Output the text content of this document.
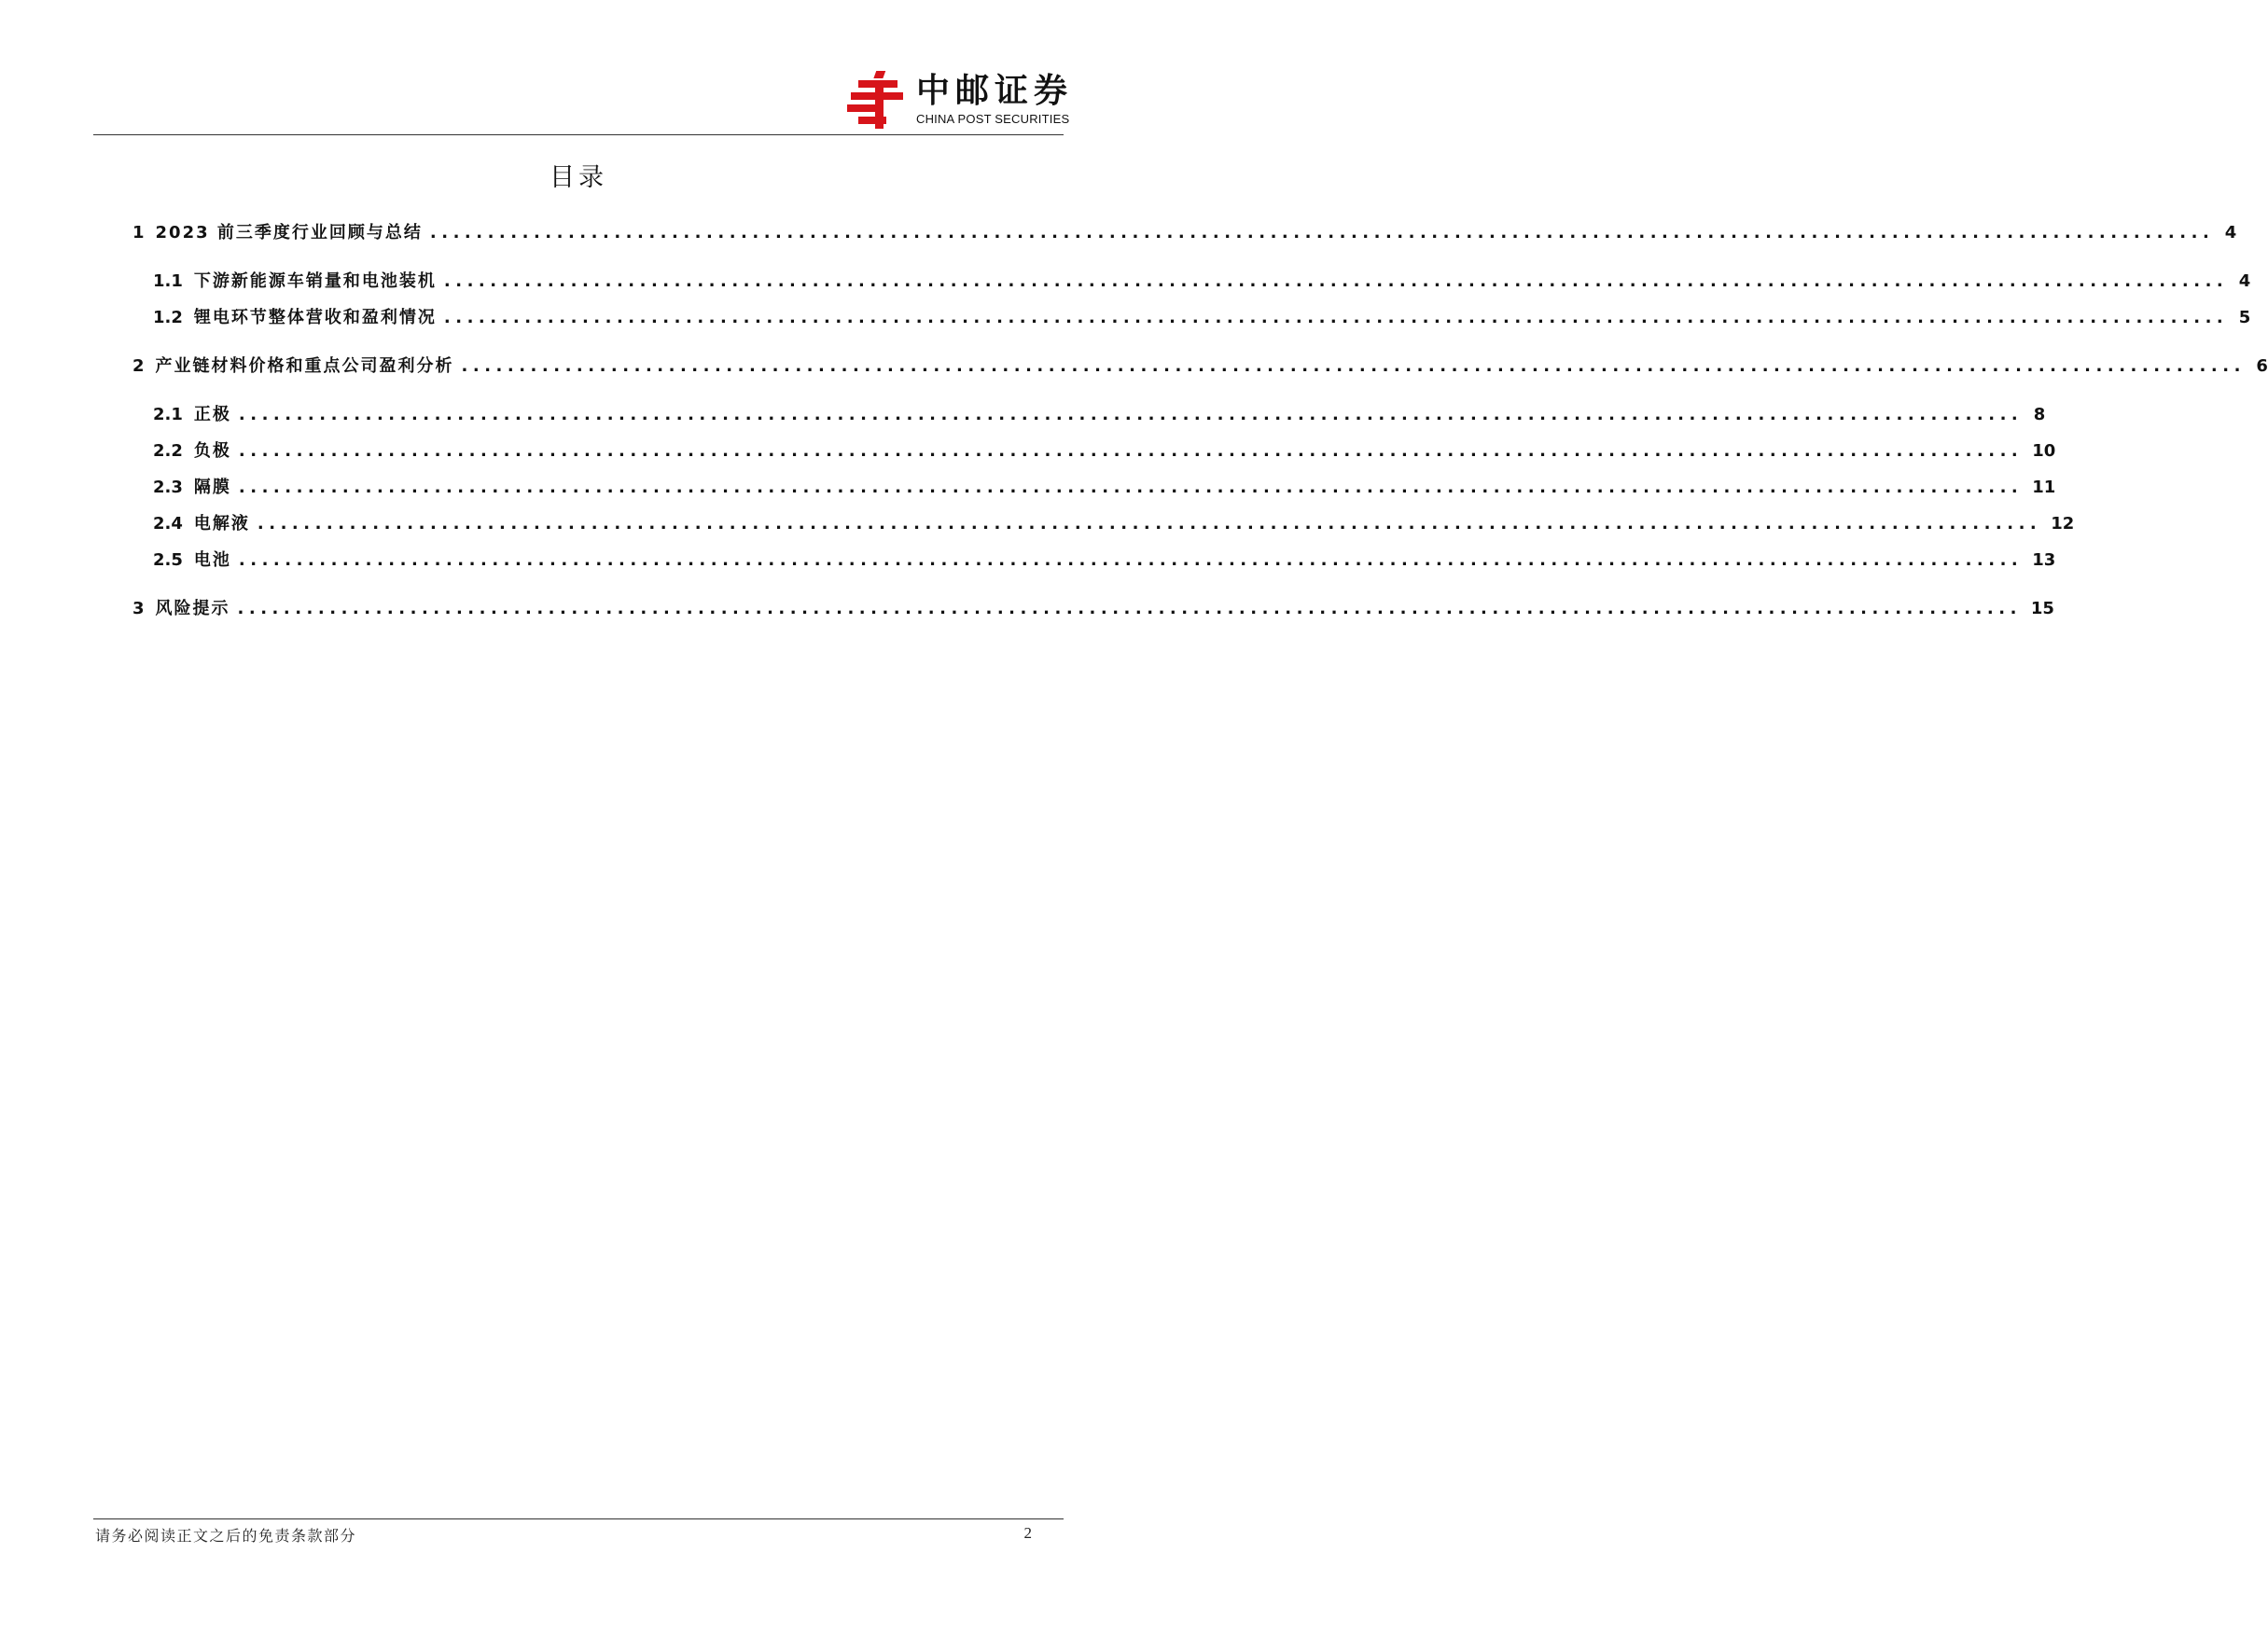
中邮证券
CHINA POST SECURITIES
目录
1 2023 前三季度行业回顾与总结 ........................................................................................................................................................... 4
1.1 下游新能源车销量和电池装机 ........................................................................................................................................................... 4
1.2 锂电环节整体营收和盈利情况 ........................................................................................................................................................... 5
2 产业链材料价格和重点公司盈利分析 ........................................................................................................................................................... 6
2.1 正极 ........................................................................................................................................................... 8
2.2 负极 ........................................................................................................................................................... 10
2.3 隔膜 ........................................................................................................................................................... 11
2.4 电解液 ........................................................................................................................................................... 12
2.5 电池 ........................................................................................................................................................... 13
3 风险提示 ........................................................................................................................................................... 15
请务必阅读正文之后的免责条款部分	2
